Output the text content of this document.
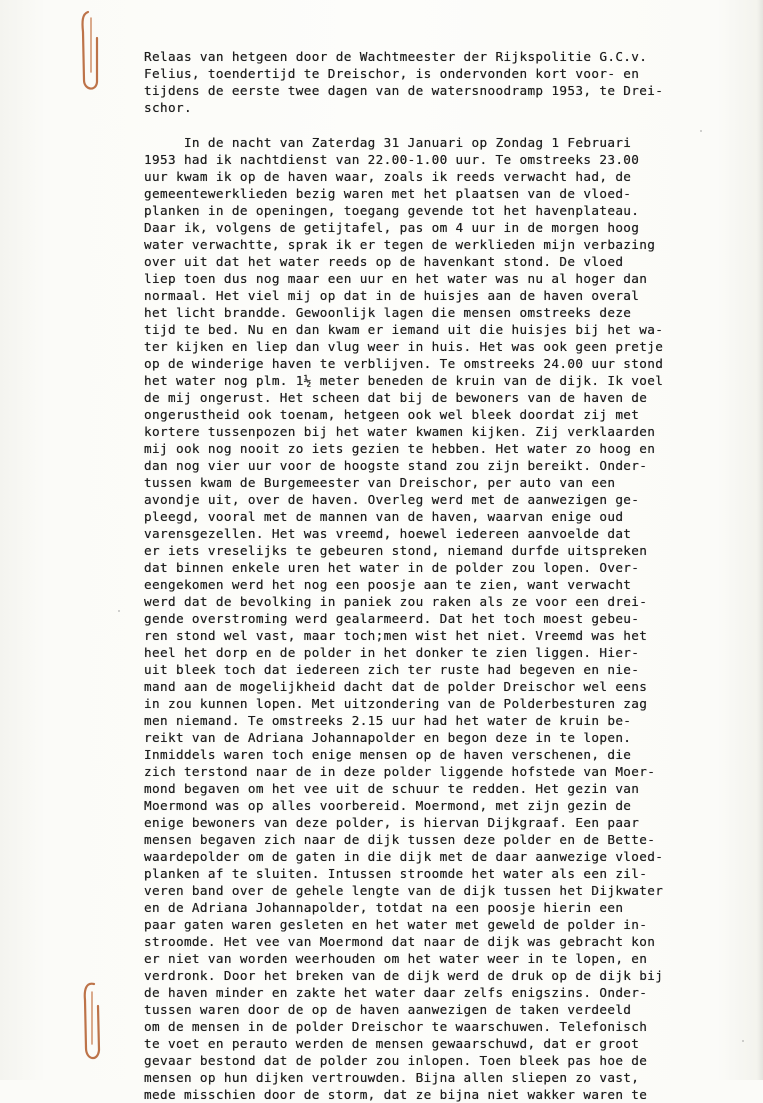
Relaas van hetgeen door de Wachtmeester der Rijkspolitie G.C.v.
Felius, toendertijd te Dreischor, is ondervonden kort voor- en
tijdens de eerste twee dagen van de watersnoodramp 1953, te Drei-
schor.
In de nacht van Zaterdag 31 Januari op Zondag 1 Februari
1953 had ik nachtdienst van 22.00-1.00 uur. Te omstreeks 23.00
uur kwam ik op de haven waar, zoals ik reeds verwacht had, de
gemeentewerklieden bezig waren met het plaatsen van de vloed-
planken in de openingen, toegang gevende tot het havenplateau.
Daar ik, volgens de getijtafel, pas om 4 uur in de morgen hoog
water verwachtte, sprak ik er tegen de werklieden mijn verbazing
over uit dat het water reeds op de havenkant stond. De vloed
liep toen dus nog maar een uur en het water was nu al hoger dan
normaal. Het viel mij op dat in de huisjes aan de haven overal
het licht brandde. Gewoonlijk lagen die mensen omstreeks deze
tijd te bed. Nu en dan kwam er iemand uit die huisjes bij het wa-
ter kijken en liep dan vlug weer in huis. Het was ook geen pretje
op de winderige haven te verblijven. Te omstreeks 24.00 uur stond
het water nog plm. 1½ meter beneden de kruin van de dijk. Ik voel
de mij ongerust. Het scheen dat bij de bewoners van de haven de
ongerustheid ook toenam, hetgeen ook wel bleek doordat zij met
kortere tussenpozen bij het water kwamen kijken. Zij verklaarden
mij ook nog nooit zo iets gezien te hebben. Het water zo hoog en
dan nog vier uur voor de hoogste stand zou zijn bereikt. Onder-
tussen kwam de Burgemeester van Dreischor, per auto van een
avondje uit, over de haven. Overleg werd met de aanwezigen ge-
pleegd, vooral met de mannen van de haven, waarvan enige oud
varensgezellen. Het was vreemd, hoewel iedereen aanvoelde dat
er iets vreselijks te gebeuren stond, niemand durfde uitspreken
dat binnen enkele uren het water in de polder zou lopen. Over-
eengekomen werd het nog een poosje aan te zien, want verwacht
werd dat de bevolking in paniek zou raken als ze voor een drei-
gende overstroming werd gealarmeerd. Dat het toch moest gebeu-
ren stond wel vast, maar toch;men wist het niet. Vreemd was het
heel het dorp en de polder in het donker te zien liggen. Hier-
uit bleek toch dat iedereen zich ter ruste had begeven en nie-
mand aan de mogelijkheid dacht dat de polder Dreischor wel eens
in zou kunnen lopen. Met uitzondering van de Polderbesturen zag
men niemand. Te omstreeks 2.15 uur had het water de kruin be-
reikt van de Adriana Johannapolder en begon deze in te lopen.
Inmiddels waren toch enige mensen op de haven verschenen, die
zich terstond naar de in deze polder liggende hofstede van Moer-
mond begaven om het vee uit de schuur te redden. Het gezin van
Moermond was op alles voorbereid. Moermond, met zijn gezin de
enige bewoners van deze polder, is hiervan Dijkgraaf. Een paar
mensen begaven zich naar de dijk tussen deze polder en de Bette-
waardepolder om de gaten in die dijk met de daar aanwezige vloed-
planken af te sluiten. Intussen stroomde het water als een zil-
veren band over de gehele lengte van de dijk tussen het Dijkwater
en de Adriana Johannapolder, totdat na een poosje hierin een
paar gaten waren gesleten en het water met geweld de polder in-
stroomde. Het vee van Moermond dat naar de dijk was gebracht kon
er niet van worden weerhouden om het water weer in te lopen, en
verdronk. Door het breken van de dijk werd de druk op de dijk bij
de haven minder en zakte het water daar zelfs enigszins. Onder-
tussen waren door de op de haven aanwezigen de taken verdeeld
om de mensen in de polder Dreischor te waarschuwen. Telefonisch
te voet en perauto werden de mensen gewaarschuwd, dat er groot
gevaar bestond dat de polder zou inlopen. Toen bleek pas hoe de
mensen op hun dijken vertrouwden. Bijna allen sliepen zo vast,
mede misschien door de storm, dat ze bijna niet wakker waren te
